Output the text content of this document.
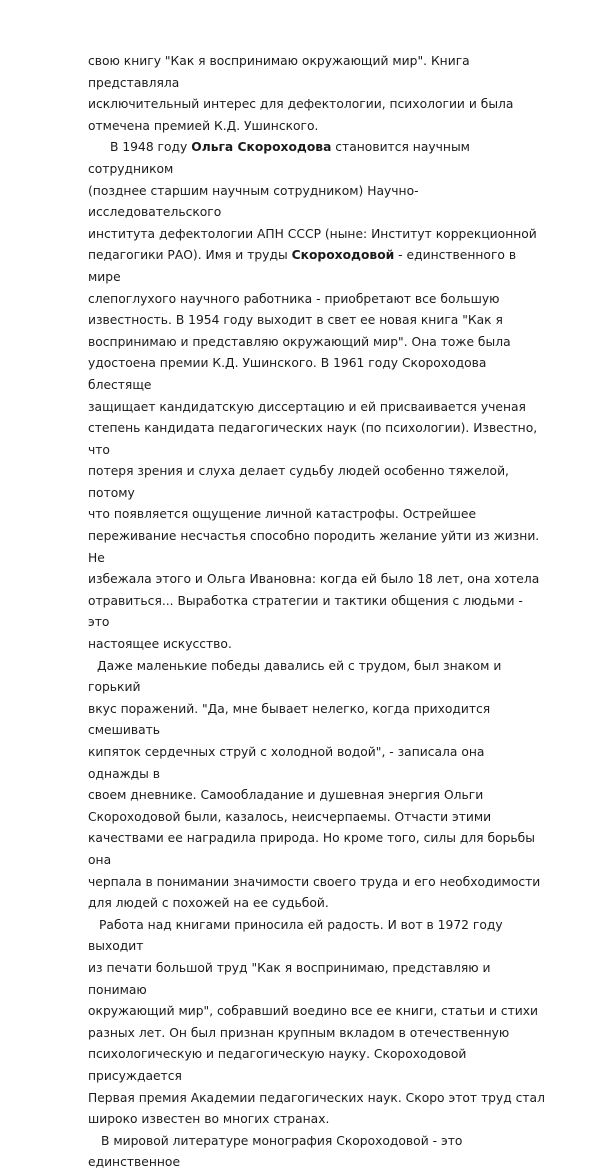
свою книгу "Как я воспринимаю окружающий мир". Книга представляла
исключительный интерес для дефектологии, психологии и была
отмечена премией К.Д. Ушинского.
В 1948 году Ольга Скороходова становится научным сотрудником
(позднее старшим научным сотрудником) Научно-исследовательского
института дефектологии АПН СССР (ныне: Институт коррекционной
педагогики РАО). Имя и труды Скороходовой - единственного в мире
слепоглухого научного работника - приобретают все большую
известность. В 1954 году выходит в свет ее новая книга "Как я
воспринимаю и представляю окружающий мир". Она тоже была
удостоена премии К.Д. Ушинского. В 1961 году Скороходова блестяще
защищает кандидатскую диссертацию и ей присваивается ученая
степень кандидата педагогических наук (по психологии). Известно, что
потеря зрения и слуха делает судьбу людей особенно тяжелой, потому
что появляется ощущение личной катастрофы. Острейшее
переживание несчастья способно породить желание уйти из жизни. Не
избежала этого и Ольга Ивановна: когда ей было 18 лет, она хотела
отравиться... Выработка стратегии и тактики общения с людьми - это
настоящее искусство.
Даже маленькие победы давались ей с трудом, был знаком и горький
вкус поражений. "Да, мне бывает нелегко, когда приходится смешивать
кипяток сердечных струй с холодной водой", - записала она однажды в
своем дневнике. Самообладание и душевная энергия Ольги
Скороходовой были, казалось, неисчерпаемы. Отчасти этими
качествами ее наградила природа. Но кроме того, силы для борьбы она
черпала в понимании значимости своего труда и его необходимости
для людей с похожей на ее судьбой.
Работа над книгами приносила ей радость. И вот в 1972 году выходит
из печати большой труд "Как я воспринимаю, представляю и понимаю
окружающий мир", собравший воедино все ее книги, статьи и стихи
разных лет. Он был признан крупным вкладом в отечественную
психологическую и педагогическую науку. Скороходовой присуждается
Первая премия Академии педагогических наук. Скоро этот труд стал
широко известен во многих странах.
В мировой литературе монография Скороходовой - это единственное
